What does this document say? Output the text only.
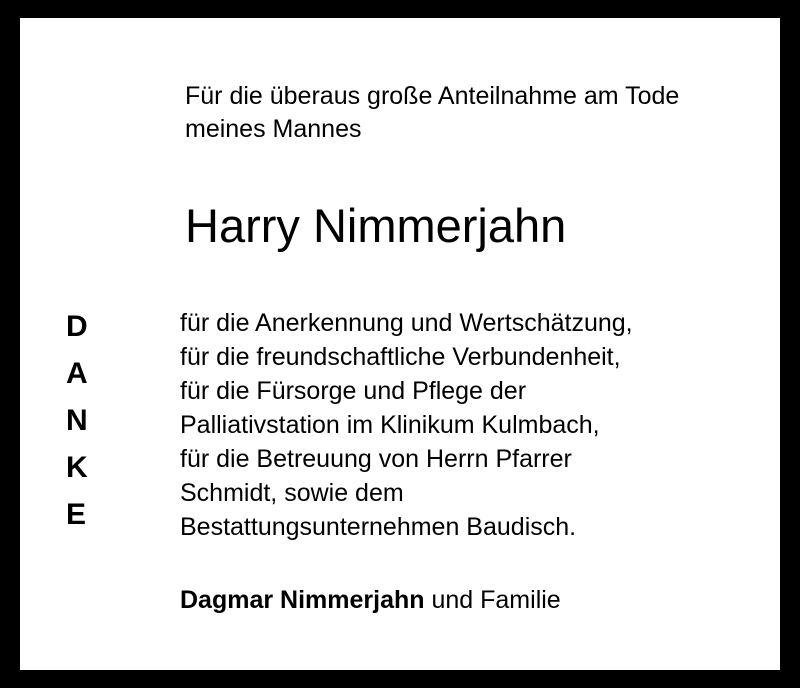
Für die überaus große Anteilnahme am Tode
meines Mannes
Harry Nimmerjahn
D
A
N
K
E
für die Anerkennung und Wertschätzung,
für die freundschaftliche Verbundenheit,
für die Fürsorge und Pflege der
Palliativstation im Klinikum Kulmbach,
für die Betreuung von Herrn Pfarrer
Schmidt, sowie dem
Bestattungsunternehmen Baudisch.
Dagmar Nimmerjahn und Familie
